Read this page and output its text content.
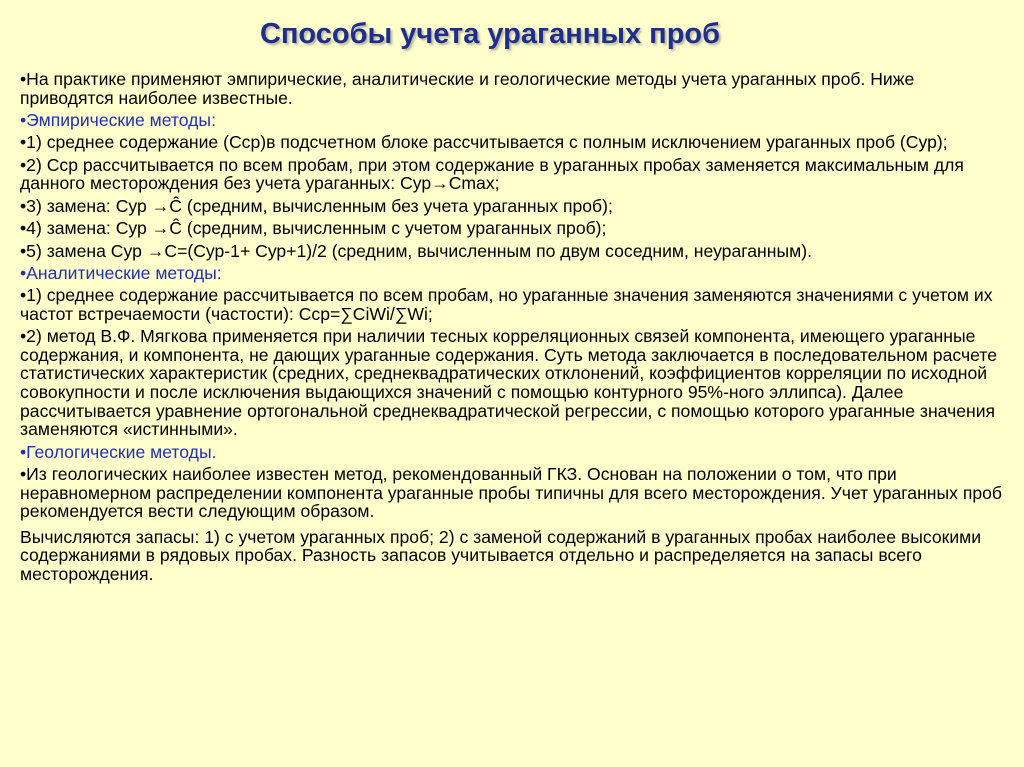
Способы учета ураганных проб

•На практике применяют эмпирические, аналитические и геологические методы учета ураганных проб. Ниже приводятся наиболее известные.

•Эмпирические методы:

•1) среднее содержание (Cср)в подсчетном блоке рассчитывается с полным исключением ураганных проб (Cур);

•2) Cср рассчитывается по всем пробам, при этом содержание в ураганных пробах заменяется максимальным для данного месторождения без учета ураганных: Cур→Cmax;

•3) замена: Cур →Ĉ (средним, вычисленным без учета ураганных проб);

•4) замена: Cур →Ĉ (средним, вычисленным с учетом ураганных проб);

•5) замена Cур →C=(Cур-1+ Cур+1)/2 (средним, вычисленным по двум соседним, неураганным).

•Аналитические методы:

•1) среднее содержание рассчитывается по всем пробам, но ураганные значения заменяются значениями с учетом их частот встречаемости (частости): Cср=∑CiWi/∑Wi;

•2) метод В.Ф. Мягкова применяется при наличии тесных корреляционных связей компонента, имеющего ураганные содержания, и компонента, не дающих ураганные содержания. Суть метода заключается в последовательном расчете статистических характеристик (средних, среднеквадратических отклонений, коэффициентов корреляции по исходной совокупности и после исключения выдающихся значений с помощью контурного 95%-ного эллипса). Далее рассчитывается уравнение ортогональной среднеквадратической регрессии, с помощью которого ураганные значения заменяются «истинными».

•Геологические методы.

•Из геологических наиболее известен метод, рекомендованный ГКЗ. Основан на положении о том, что при неравномерном распределении компонента ураганные пробы типичны для всего месторождения. Учет ураганных проб рекомендуется вести следующим образом.

Вычисляются запасы: 1) с учетом ураганных проб; 2) с заменой содержаний в ураганных пробах наиболее высокими содержаниями в рядовых пробах. Разность запасов учитывается отдельно и распределяется на запасы всего месторождения.
